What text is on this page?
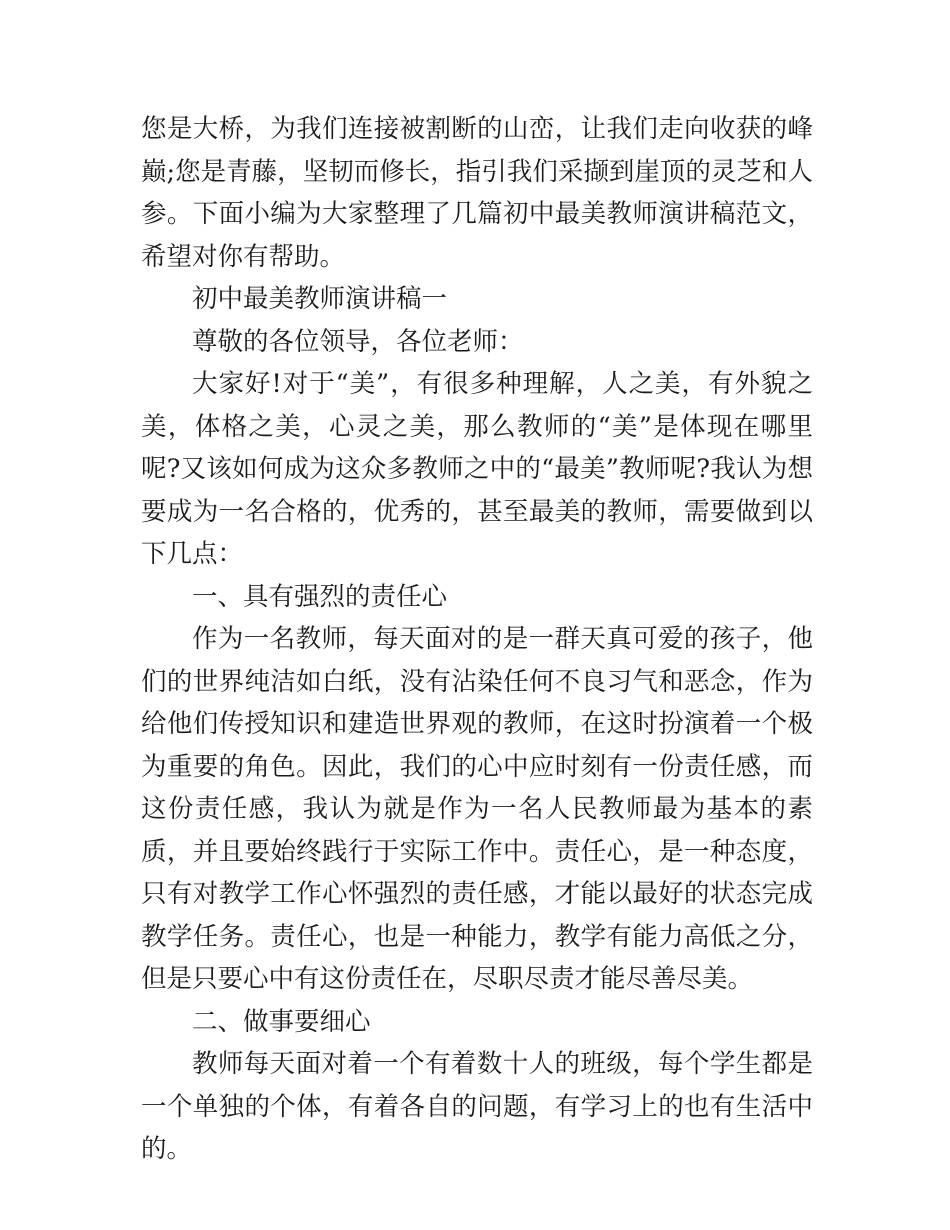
您是大桥，为我们连接被割断的山峦，让我们走向收获的峰巅;您是青藤，坚韧而修长，指引我们采撷到崖顶的灵芝和人参。下面小编为大家整理了几篇初中最美教师演讲稿范文，希望对你有帮助。

初中最美教师演讲稿一

尊敬的各位领导，各位老师：

大家好!对于“美”，有很多种理解，人之美，有外貌之美，体格之美，心灵之美，那么教师的“美”是体现在哪里呢?又该如何成为这众多教师之中的“最美”教师呢?我认为想要成为一名合格的，优秀的，甚至最美的教师，需要做到以下几点：

一、具有强烈的责任心

作为一名教师，每天面对的是一群天真可爱的孩子，他们的世界纯洁如白纸，没有沾染任何不良习气和恶念，作为给他们传授知识和建造世界观的教师，在这时扮演着一个极为重要的角色。因此，我们的心中应时刻有一份责任感，而这份责任感，我认为就是作为一名人民教师最为基本的素质，并且要始终践行于实际工作中。责任心，是一种态度，只有对教学工作心怀强烈的责任感，才能以最好的状态完成教学任务。责任心，也是一种能力，教学有能力高低之分，但是只要心中有这份责任在，尽职尽责才能尽善尽美。

二、做事要细心

教师每天面对着一个有着数十人的班级，每个学生都是一个单独的个体，有着各自的问题，有学习上的也有生活中的。
